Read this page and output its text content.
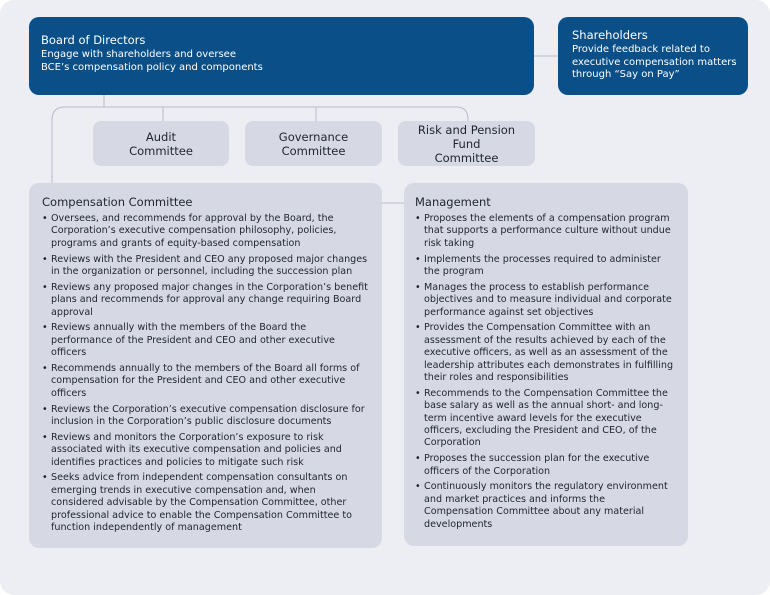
Board of Directors
Engage with shareholders and oversee
BCE’s compensation policy and components
Shareholders
Provide feedback related to
executive compensation matters
through “Say on Pay”
Audit
Committee
Governance
Committee
Risk and Pension Fund
Committee
Compensation Committee
• Oversees, and recommends for approval by the Board, the Corporation’s executive compensation philosophy, policies, programs and grants of equity-based compensation
• Reviews with the President and CEO any proposed major changes in the organization or personnel, including the succession plan
• Reviews any proposed major changes in the Corporation’s benefit plans and recommends for approval any change requiring Board approval
• Reviews annually with the members of the Board the performance of the President and CEO and other executive officers
• Recommends annually to the members of the Board all forms of compensation for the President and CEO and other executive officers
• Reviews the Corporation’s executive compensation disclosure for inclusion in the Corporation’s public disclosure documents
• Reviews and monitors the Corporation’s exposure to risk associated with its executive compensation and policies and identifies practices and policies to mitigate such risk
• Seeks advice from independent compensation consultants on emerging trends in executive compensation and, when considered advisable by the Compensation Committee, other professional advice to enable the Compensation Committee to function independently of management
Management
• Proposes the elements of a compensation program that supports a performance culture without undue risk taking
• Implements the processes required to administer the program
• Manages the process to establish performance objectives and to measure individual and corporate performance against set objectives
• Provides the Compensation Committee with an assessment of the results achieved by each of the executive officers, as well as an assessment of the leadership attributes each demonstrates in fulfilling their roles and responsibilities
• Recommends to the Compensation Committee the base salary as well as the annual short- and long-term incentive award levels for the executive officers, excluding the President and CEO, of the Corporation
• Proposes the succession plan for the executive officers of the Corporation
• Continuously monitors the regulatory environment and market practices and informs the Compensation Committee about any material developments
